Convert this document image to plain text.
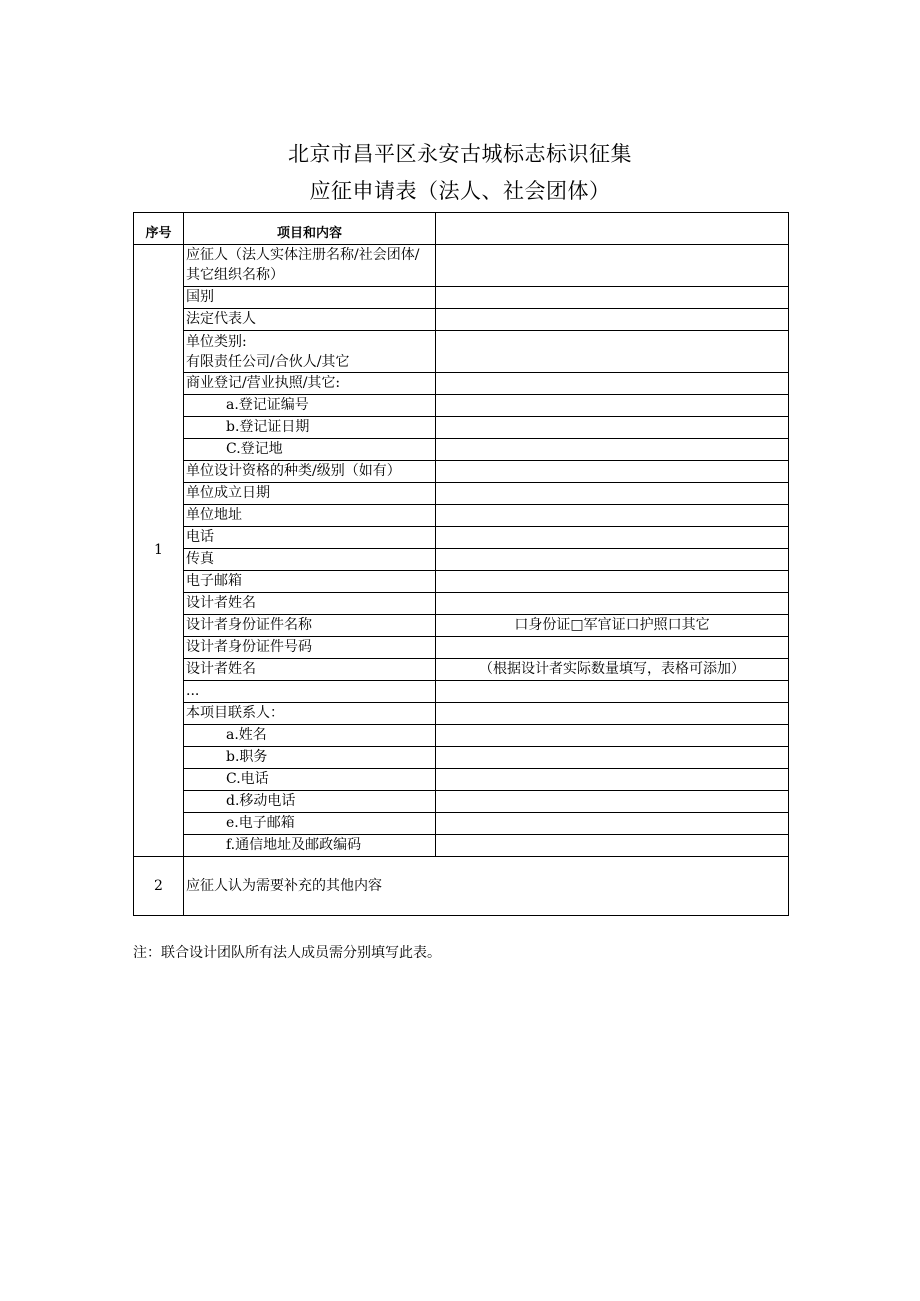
北京市昌平区永安古城标志标识征集
应征申请表（法人、社会团体）
序号	项目和内容	
1	应征人（法人实体注册名称/社会团体/其它组织名称）	
	国别	
	法定代表人	
	单位类别:
有限责任公司/合伙人/其它	
	商业登记/营业执照/其它:	
	a.登记证编号	
	b.登记证日期	
	C.登记地	
	单位设计资格的种类/级别（如有）	
	单位成立日期	
	单位地址	
	电话	
	传真	
	电子邮箱	
	设计者姓名	
	设计者身份证件名称	口身份证□军官证口护照口其它
	设计者身份证件号码	
	设计者姓名	（根据设计者实际数量填写，表格可添加）
	...	
	本项目联系人：	
	a.姓名	
	b.职务	
	C.电话	
	d.移动电话	
	e.电子邮箱	
	f.通信地址及邮政编码	
2	应征人认为需要补充的其他内容	
注：联合设计团队所有法人成员需分别填写此表。
